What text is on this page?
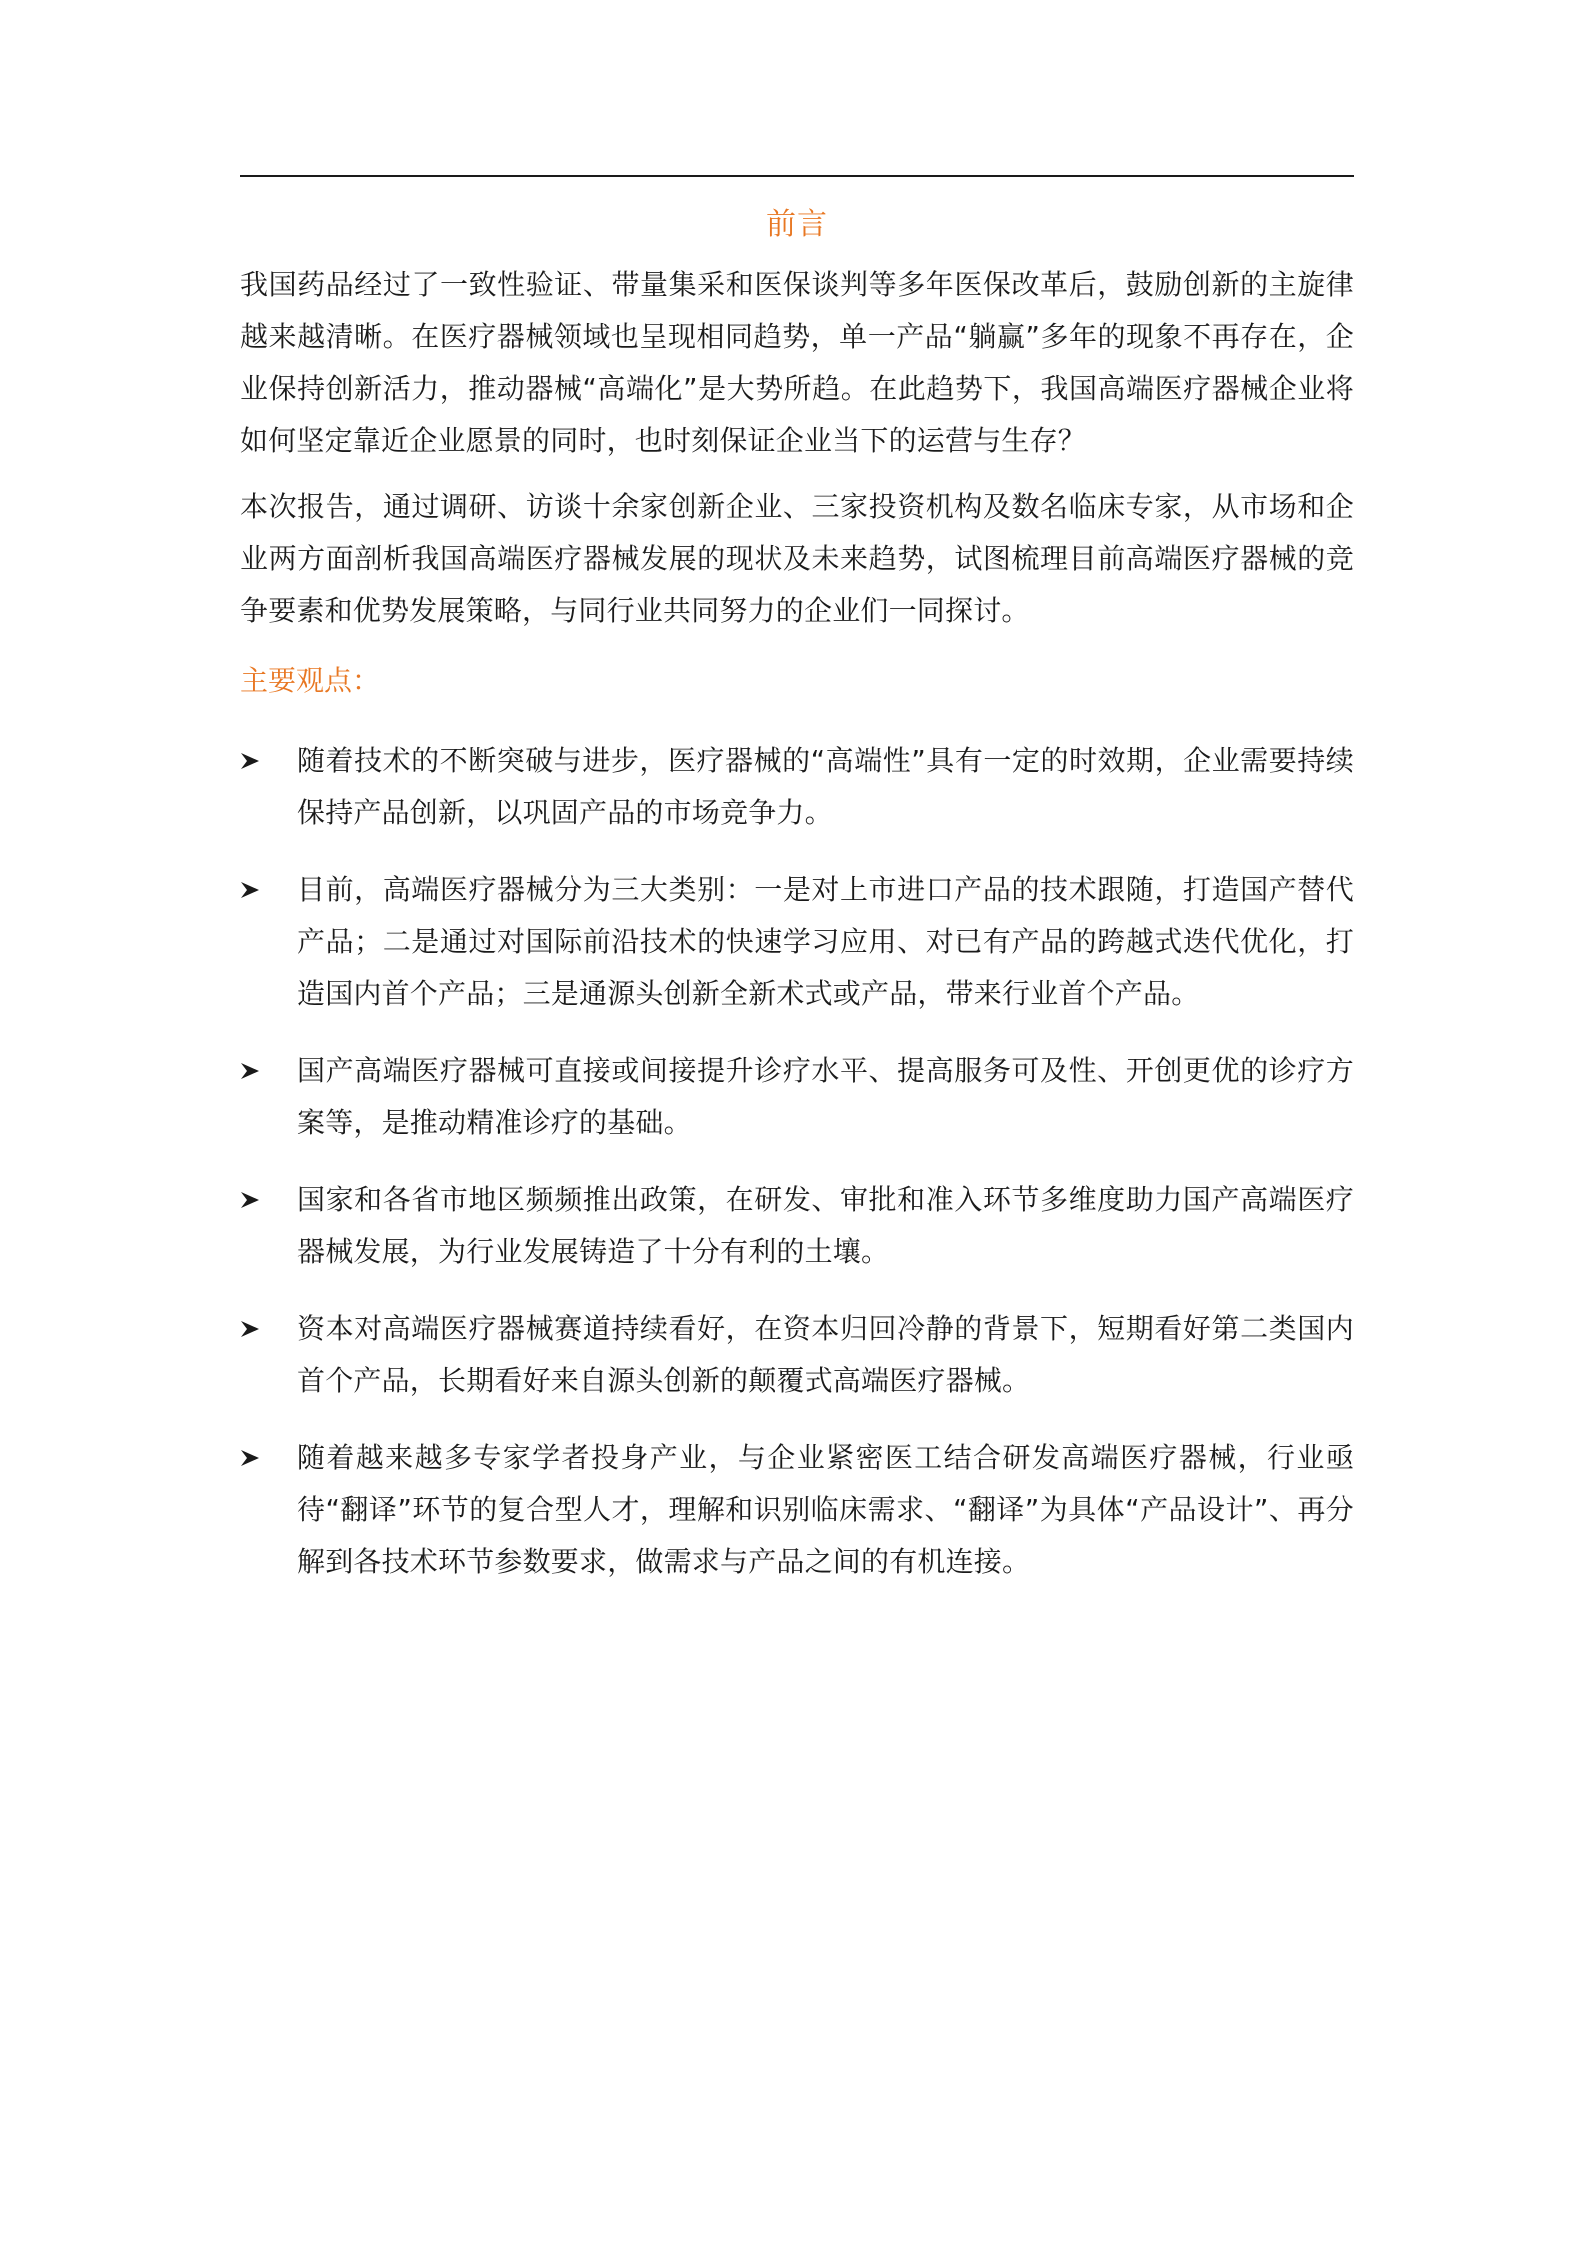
前言

我国药品经过了一致性验证、带量集采和医保谈判等多年医保改革后，鼓励创新的主旋律越来越清晰。在医疗器械领域也呈现相同趋势，单一产品“躺赢”多年的现象不再存在，企业保持创新活力，推动器械“高端化”是大势所趋。在此趋势下，我国高端医疗器械企业将如何坚定靠近企业愿景的同时，也时刻保证企业当下的运营与生存？

本次报告，通过调研、访谈十余家创新企业、三家投资机构及数名临床专家，从市场和企业两方面剖析我国高端医疗器械发展的现状及未来趋势，试图梳理目前高端医疗器械的竞争要素和优势发展策略，与同行业共同努力的企业们一同探讨。

主要观点：
随着技术的不断突破与进步，医疗器械的“高端性”具有一定的时效期，企业需要持续保持产品创新，以巩固产品的市场竞争力。
目前，高端医疗器械分为三大类别：一是对上市进口产品的技术跟随，打造国产替代产品；二是通过对国际前沿技术的快速学习应用、对已有产品的跨越式迭代优化，打造国内首个产品；三是通源头创新全新术式或产品，带来行业首个产品。
国产高端医疗器械可直接或间接提升诊疗水平、提高服务可及性、开创更优的诊疗方案等，是推动精准诊疗的基础。
国家和各省市地区频频推出政策，在研发、审批和准入环节多维度助力国产高端医疗器械发展，为行业发展铸造了十分有利的土壤。
资本对高端医疗器械赛道持续看好，在资本归回冷静的背景下，短期看好第二类国内首个产品，长期看好来自源头创新的颠覆式高端医疗器械。
随着越来越多专家学者投身产业，与企业紧密医工结合研发高端医疗器械，行业亟待“翻译”环节的复合型人才，理解和识别临床需求、“翻译”为具体“产品设计”、再分解到各技术环节参数要求，做需求与产品之间的有机连接。
